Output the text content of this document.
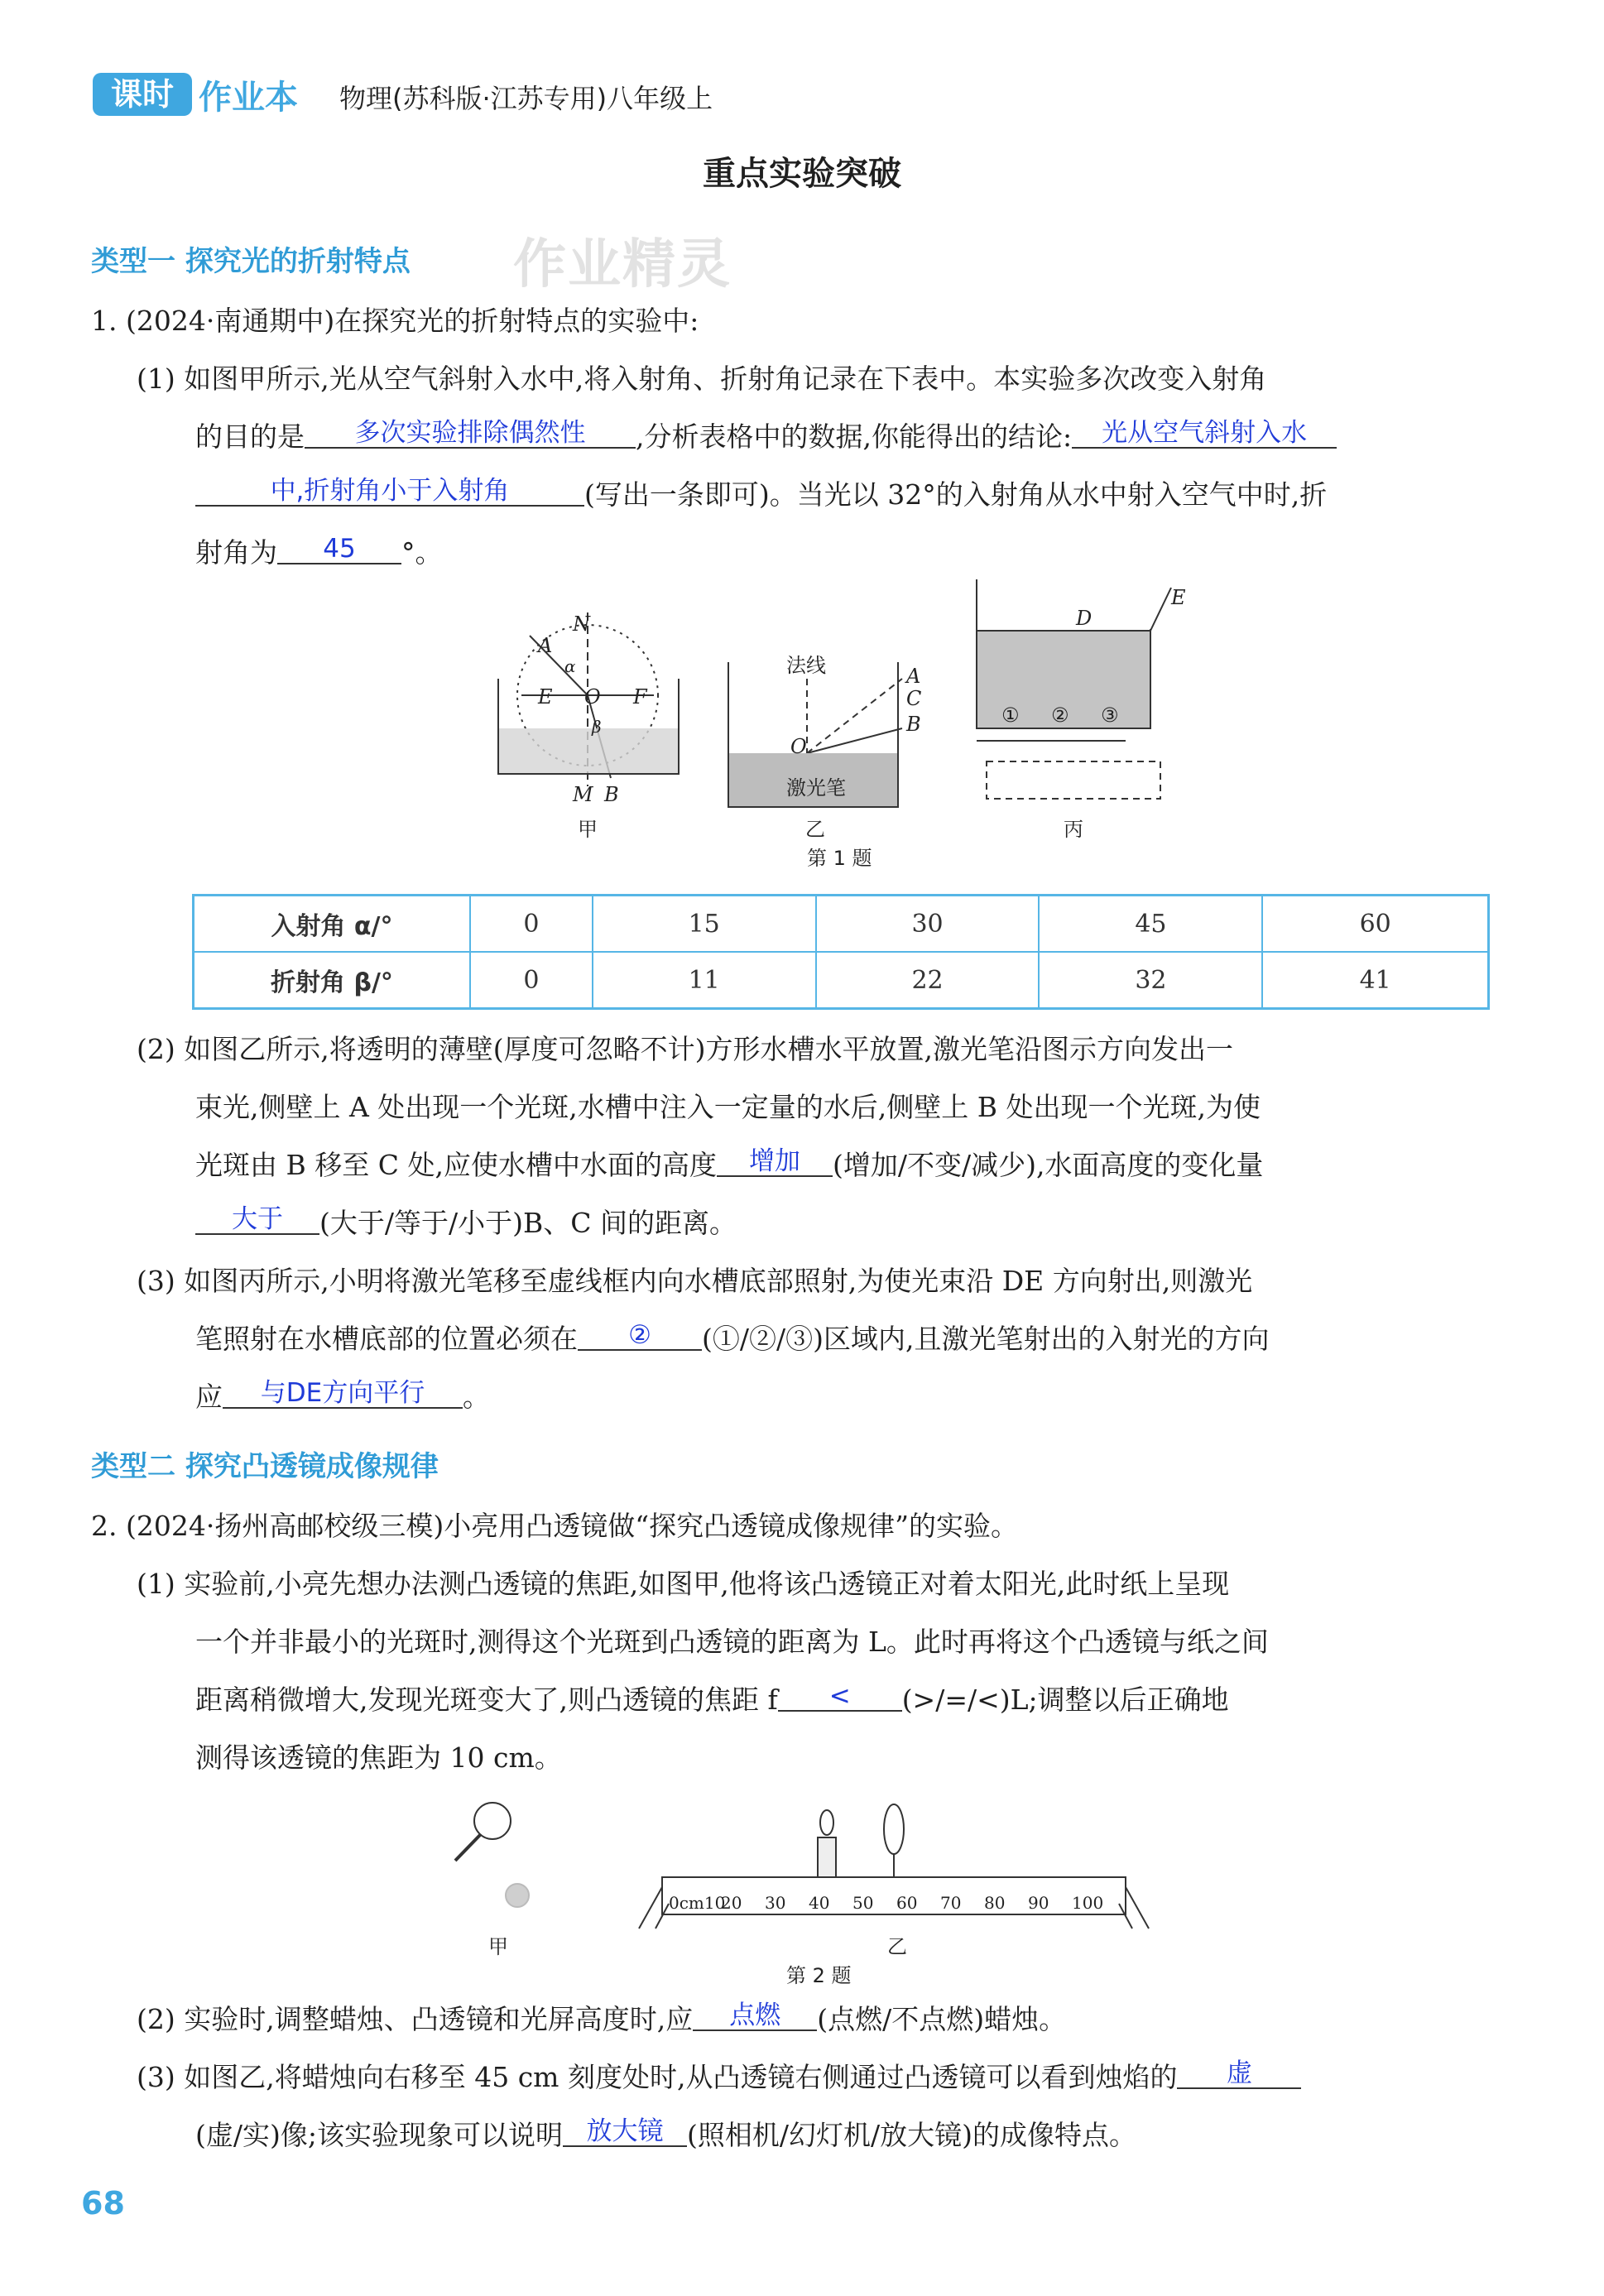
课时 作业本 物理(苏科版·江苏专用)八年级上
重点实验突破
类型一 探究光的折射特点 作业精灵
1. (2024·南通期中)在探究光的折射特点的实验中:
(1) 如图甲所示,光从空气斜射入水中,将入射角、折射角记录在下表中。本实验多次改变入射角
的目的是 多次实验排除偶然性 ,分析表格中的数据,你能得出的结论: 光从空气斜射入水
中,折射角小于入射角	(写出一条即可)。当光以 32°的入射角从水中射入空气中时,折
射角为 45 °。
N
A
E O F
M B
α
β
A
C
B
O
D
E
法线
激光笔
① ② ③
甲	乙	丙
第 1 题
入射角 α/°	0	15	30	45	60
折射角 β/°	0	11	22	32	41
(2) 如图乙所示,将透明的薄壁(厚度可忽略不计)方形水槽水平放置,激光笔沿图示方向发出一
束光,侧壁上 A 处出现一个光斑,水槽中注入一定量的水后,侧壁上 B 处出现一个光斑,为使
光斑由 B 移至 C 处,应使水槽中水面的高度 增加 (增加/不变/减少),水面高度的变化量
大于 (大于/等于/小于)B、C 间的距离。
(3) 如图丙所示,小明将激光笔移至虚线框内向水槽底部照射,为使光束沿 DE 方向射出,则激光
笔照射在水槽底部的位置必须在 ② (①/②/③)区域内,且激光笔射出的入射光的方向
应 与DE方向平行 。
类型二 探究凸透镜成像规律
2. (2024·扬州高邮校级三模)小亮用凸透镜做“探究凸透镜成像规律”的实验。
(1) 实验前,小亮先想办法测凸透镜的焦距,如图甲,他将该凸透镜正对着太阳光,此时纸上呈现
一个并非最小的光斑时,测得这个光斑到凸透镜的距离为 L。此时再将这个凸透镜与纸之间
距离稍微增大,发现光斑变大了,则凸透镜的焦距 f < (>/=/<)L;调整以后正确地
测得该透镜的焦距为 10 cm。
0cm10
20 30 40 50 60 70 80 90 100
甲	乙
第 2 题
(2) 实验时,调整蜡烛、凸透镜和光屏高度时,应 点燃 (点燃/不点燃)蜡烛。
(3) 如图乙,将蜡烛向右移至 45 cm 刻度处时,从凸透镜右侧通过凸透镜可以看到烛焰的 虚
(虚/实)像;该实验现象可以说明 放大镜 (照相机/幻灯机/放大镜)的成像特点。
68
